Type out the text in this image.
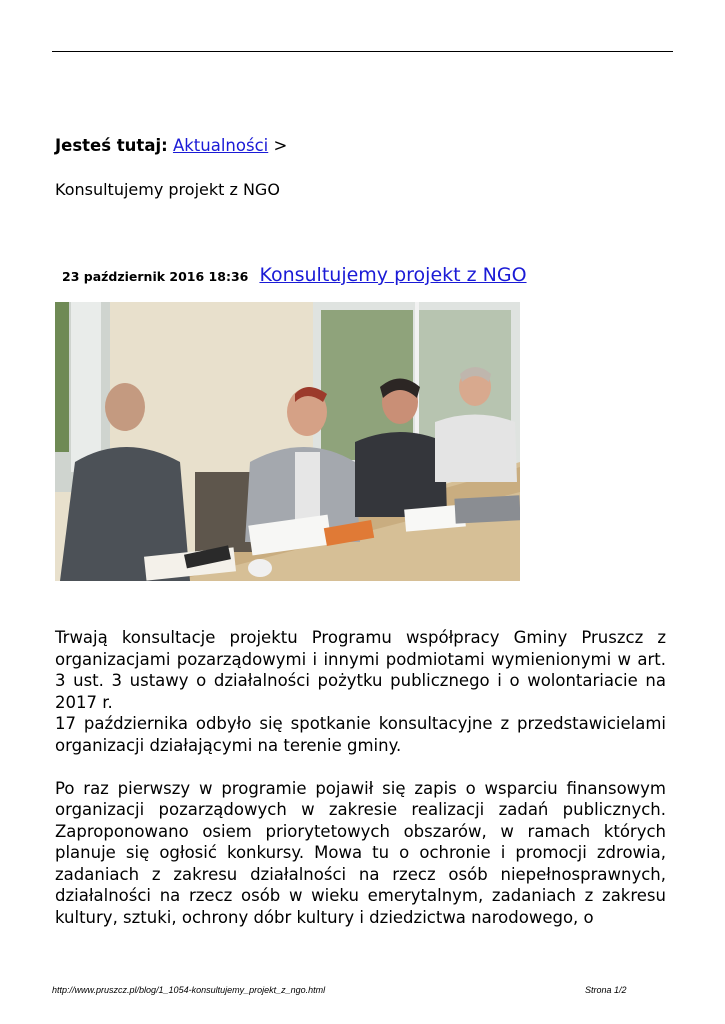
Jesteś tutaj: Aktualności >
Konsultujemy projekt z NGO
23 październik 2016 18:36 Konsultujemy projekt z NGO

Trwają konsultacje projektu Programu współpracy Gminy Pruszcz z organizacjami pozarządowymi i innymi podmiotami wymienionymi w art. 3 ust. 3 ustawy o działalności pożytku publicznego i o wolontariacie na 2017 r.

17 października odbyło się spotkanie konsultacyjne z przedstawicielami organizacji działającymi na terenie gminy.

Po raz pierwszy w programie pojawił się zapis o wsparciu finansowym organizacji pozarządowych w zakresie realizacji zadań publicznych. Zaproponowano osiem priorytetowych obszarów, w ramach których planuje się ogłosić konkursy. Mowa tu o ochronie i promocji zdrowia, zadaniach z zakresu działalności na rzecz osób niepełnosprawnych, działalności na rzecz osób w wieku emerytalnym, zadaniach z zakresu kultury, sztuki, ochrony dóbr kultury i dziedzictwa narodowego, o

http://www.pruszcz.pl/blog/1_1054-konsultujemy_projekt_z_ngo.html	Strona 1/2
